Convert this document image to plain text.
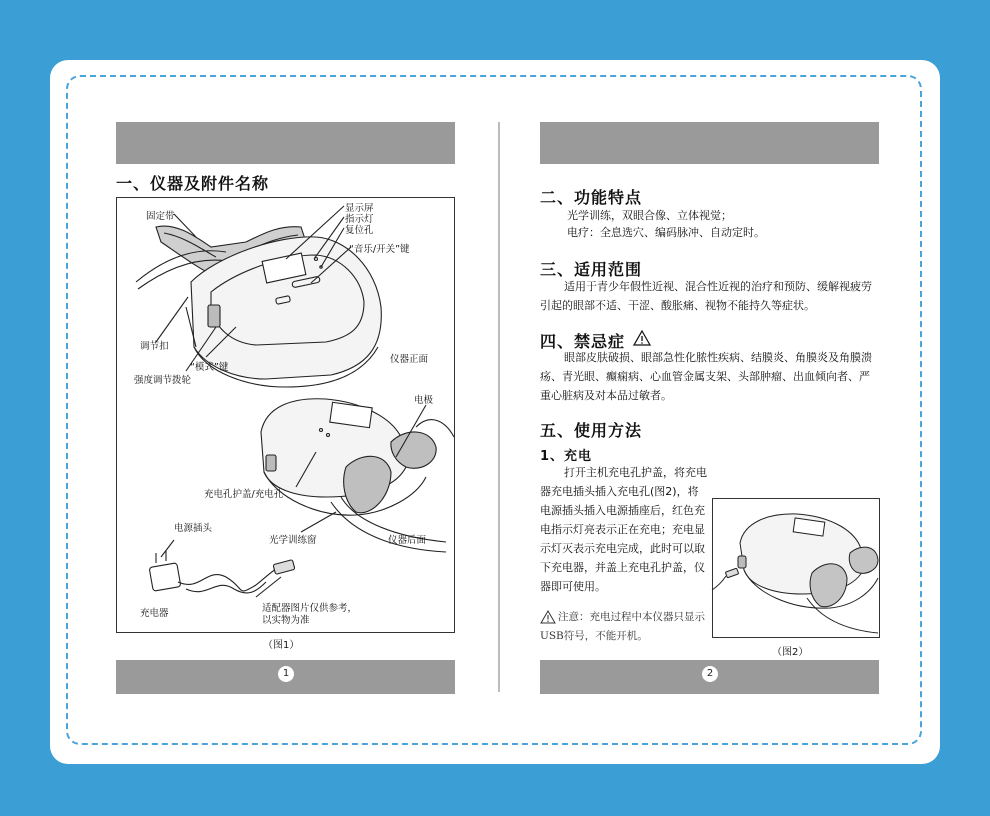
一、仪器及附件名称
固定带
显示屏
指示灯
复位孔
“音乐/开关”键
调节扣
“模式”键
强度调节拨轮
仪器正面
电极
充电孔护盖/充电孔
电源插头
光学训练窗	仪器后面
充电器	适配器图片仅供参考，
以实物为准
（图1）
1
二、功能特点
光学训练，双眼合像、立体视觉；
电疗：全息选穴、编码脉冲、自动定时。
三、适用范围
适用于青少年假性近视、混合性近视的治疗和预防、缓解视疲劳引起的眼部不适、干涩、酸胀痛、视物不能持久等症状。
四、禁忌症
眼部皮肤破损、眼部急性化脓性疾病、结膜炎、角膜炎及角膜溃疡、青光眼、癫痫病、心血管金属支架、头部肿瘤、出血倾向者、严重心脏病及对本品过敏者。
五、使用方法
1、充电
打开主机充电孔护盖，将充电器充电插头插入充电孔(图2)，将电源插头插入电源插座后，红色充电指示灯亮表示正在充电；充电显示灯灭表示充电完成，此时可以取下充电器，并盖上充电孔护盖，仪器即可使用。
注意：充电过程中本仪器只显示USB符号，不能开机。
（图2）
2
